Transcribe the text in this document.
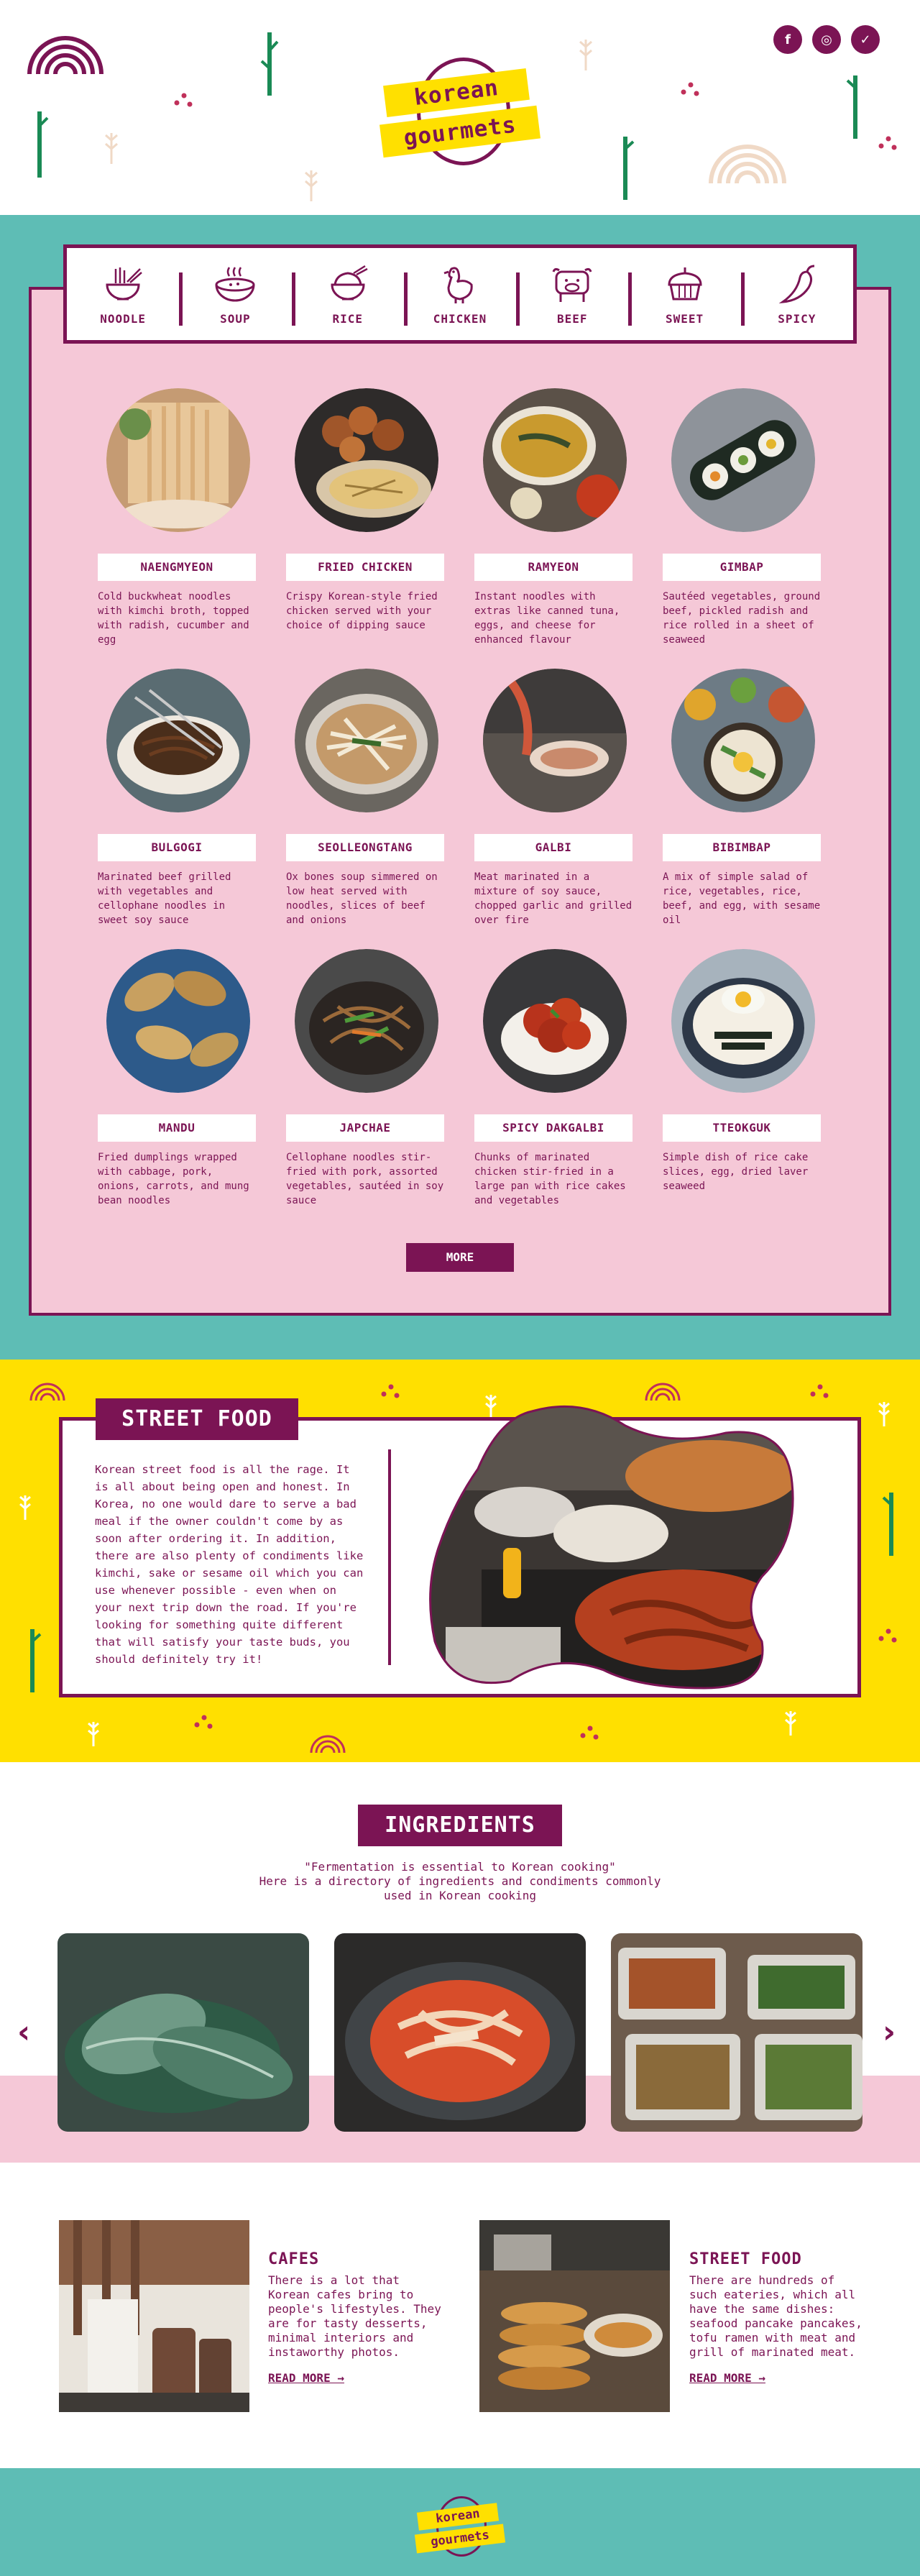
korean
gourmets
f	◎	✓
NOODLE	SOUP	RICE	CHICKEN	BEEF	SWEET	SPICY
NAENGMYEON
Cold buckwheat noodles with kimchi broth, topped with radish, cucumber and egg
FRIED CHICKEN
Crispy Korean-style fried chicken served with your choice of dipping sauce
RAMYEON
Instant noodles with extras like canned tuna, eggs, and cheese for enhanced flavour
GIMBAP
Sautéed vegetables, ground beef, pickled radish and rice rolled in a sheet of seaweed
BULGOGI
Marinated beef grilled with vegetables and cellophane noodles in sweet soy sauce
SEOLLEONGTANG
Ox bones soup simmered on low heat served with noodles, slices of beef and onions
GALBI
Meat marinated in a mixture of soy sauce, chopped garlic and grilled over fire
BIBIMBAP
A mix of simple salad of rice, vegetables, rice, beef, and egg, with sesame oil
MANDU
Fried dumplings wrapped with cabbage, pork, onions, carrots, and mung bean noodles
JAPCHAE
Cellophane noodles stir-fried with pork, assorted vegetables, sautéed in soy sauce
SPICY DAKGALBI
Chunks of marinated chicken stir-fried in a large pan with rice cakes and vegetables
TTEOKGUK
Simple dish of rice cake slices, egg, dried laver seaweed
MORE
STREET FOOD
Korean street food is all the rage. It is all about being open and honest. In Korea, no one would dare to serve a bad meal if the owner couldn't come by as soon after ordering it. In addition, there are also plenty of condiments like kimchi, sake or sesame oil which you can use whenever possible - even when on your next trip down the road. If you're looking for something quite different that will satisfy your taste buds, you should definitely try it!
INGREDIENTS
"Fermentation is essential to Korean cooking"
Here is a directory of ingredients and condiments commonly used in Korean cooking
‹	›
CAFES
There is a lot that Korean cafes bring to people's lifestyles. They are for tasty desserts, minimal interiors and instaworthy photos.
READ MORE →
STREET FOOD
There are hundreds of such eateries, which all have the same dishes: seafood pancake pancakes, tofu ramen with meat and grill of marinated meat.
READ MORE →
korean
gourmets
